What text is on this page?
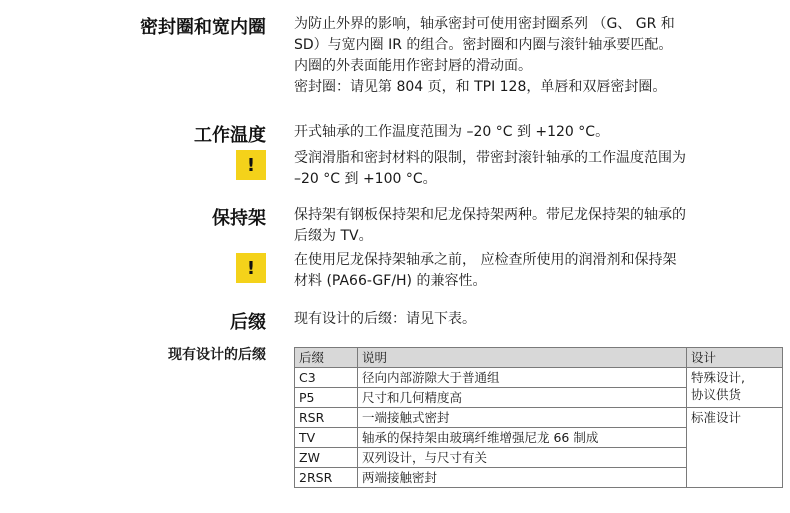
密封圈和宽内圈 为防止外界的影响，轴承密封可使用密封圈系列 （G、 GR 和
SD）与宽内圈 IR 的组合。密封圈和内圈与滚针轴承要匹配。
内圈的外表面能用作密封唇的滑动面。
密封圈：请见第 804 页，和 TPI 128，单唇和双唇密封圈。
工作温度 开式轴承的工作温度范围为 –20 °C 到 +120 °C。
!	受润滑脂和密封材料的限制，带密封滚针轴承的工作温度范围为
–20 °C 到 +100 °C。
保持架 保持架有钢板保持架和尼龙保持架两种。带尼龙保持架的轴承的
后缀为 TV。
!	在使用尼龙保持架轴承之前， 应检查所使用的润滑剂和保持架
材料 (PA66-GF/H) 的兼容性。
后缀 现有设计的后缀：请见下表。
现有设计的后缀	后缀	说明	设计
C3	径向内部游隙大于普通组	特殊设计,
协议供货

P5	尺寸和几何精度高	
RSR	一端接触式密封	标准设计
TV	轴承的保持架由玻璃纤维增强尼龙 66 制成	
ZW	双列设计，与尺寸有关	
2RSR	两端接触密封	
